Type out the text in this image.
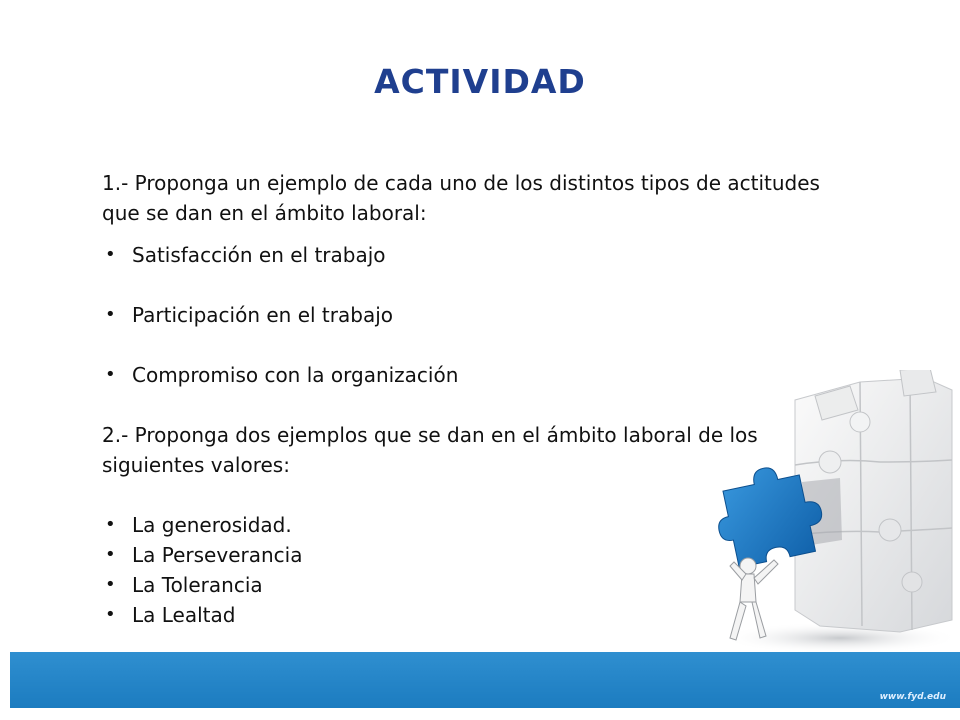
ACTIVIDAD

1.- Proponga un ejemplo de cada uno de los distintos tipos de actitudes

que se dan en el ámbito laboral:

• Satisfacción en el trabajo
• Participación en el trabajo
• Compromiso con la organización

2.- Proponga dos ejemplos que se dan en el ámbito laboral de los

siguientes valores:

• La generosidad.
• La Perseverancia
• La Tolerancia
• La Lealtad
www.fyd.edu
